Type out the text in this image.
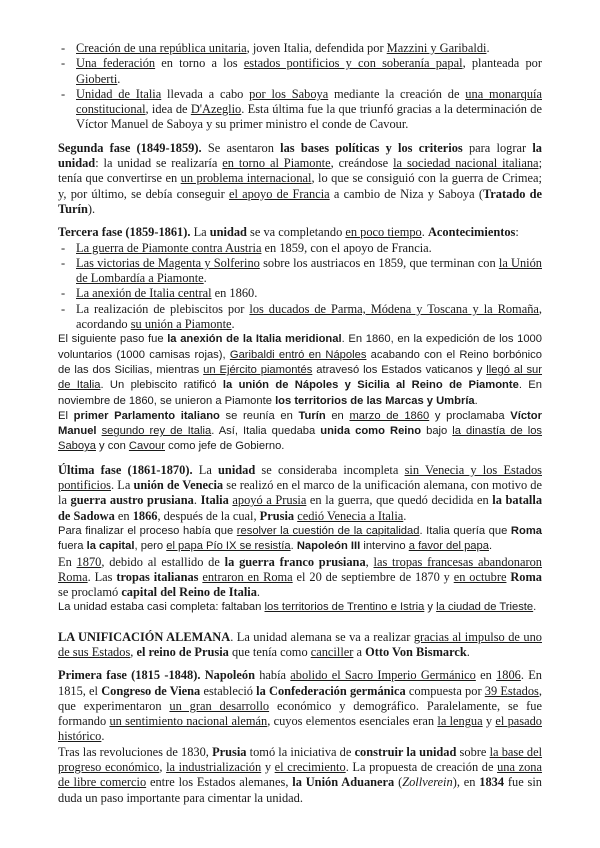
- Creación de una república unitaria, joven Italia, defendida por Mazzini y Garibaldi.
- Una federación en torno a los estados pontificios y con soberanía papal, planteada por Gioberti.
- Unidad de Italia llevada a cabo por los Saboya mediante la creación de una monarquía constitucional, idea de D'Azeglio. Esta última fue la que triunfó gracias a la determinación de Víctor Manuel de Saboya y su primer ministro el conde de Cavour.

Segunda fase (1849-1859). Se asentaron las bases políticas y los criterios para lograr la unidad: la unidad se realizaría en torno al Piamonte, creándose la sociedad nacional italiana; tenía que convertirse en un problema internacional, lo que se consiguió con la guerra de Crimea; y, por último, se debía conseguir el apoyo de Francia a cambio de Niza y Saboya (Tratado de Turín).

Tercera fase (1859-1861). La unidad se va completando en poco tiempo. Acontecimientos:

- La guerra de Piamonte contra Austria en 1859, con el apoyo de Francia.
- Las victorias de Magenta y Solferino sobre los austriacos en 1859, que terminan con la Unión de Lombardía a Piamonte.
- La anexión de Italia central en 1860.
- La realización de plebiscitos por los ducados de Parma, Módena y Toscana y la Romaña, acordando su unión a Piamonte.

El siguiente paso fue la anexión de la Italia meridional. En 1860, en la expedición de los 1000 voluntarios (1000 camisas rojas), Garibaldi entró en Nápoles acabando con el Reino borbónico de las dos Sicilias, mientras un Ejército piamontés atravesó los Estados vaticanos y llegó al sur de Italia. Un plebiscito ratificó la unión de Nápoles y Sicilia al Reino de Piamonte. En noviembre de 1860, se unieron a Piamonte los territorios de las Marcas y Umbría.

El primer Parlamento italiano se reunía en Turín en marzo de 1860 y proclamaba Víctor Manuel segundo rey de Italia. Así, Italia quedaba unida como Reino bajo la dinastía de los Saboya y con Cavour como jefe de Gobierno.

Última fase (1861-1870). La unidad se consideraba incompleta sin Venecia y los Estados pontificios. La unión de Venecia se realizó en el marco de la unificación alemana, con motivo de la guerra austro prusiana. Italia apoyó a Prusia en la guerra, que quedó decidida en la batalla de Sadowa en 1866, después de la cual, Prusia cedió Venecia a Italia.

Para finalizar el proceso había que resolver la cuestión de la capitalidad. Italia quería que Roma fuera la capital, pero el papa Pío IX se resistía. Napoleón III intervino a favor del papa.

En 1870, debido al estallido de la guerra franco prusiana, las tropas francesas abandonaron Roma. Las tropas italianas entraron en Roma el 20 de septiembre de 1870 y en octubre Roma se proclamó capital del Reino de Italia.

La unidad estaba casi completa: faltaban los territorios de Trentino e Istria y la ciudad de Trieste.

LA UNIFICACIÓN ALEMANA. La unidad alemana se va a realizar gracias al impulso de uno de sus Estados, el reino de Prusia que tenía como canciller a Otto Von Bismarck.

Primera fase (1815 -1848). Napoleón había abolido el Sacro Imperio Germánico en 1806. En 1815, el Congreso de Viena estableció la Confederación germánica compuesta por 39 Estados, que experimentaron un gran desarrollo económico y demográfico. Paralelamente, se fue formando un sentimiento nacional alemán, cuyos elementos esenciales eran la lengua y el pasado histórico.

Tras las revoluciones de 1830, Prusia tomó la iniciativa de construir la unidad sobre la base del progreso económico, la industrialización y el crecimiento. La propuesta de creación de una zona de libre comercio entre los Estados alemanes, la Unión Aduanera (Zollverein), en 1834 fue sin duda un paso importante para cimentar la unidad.
